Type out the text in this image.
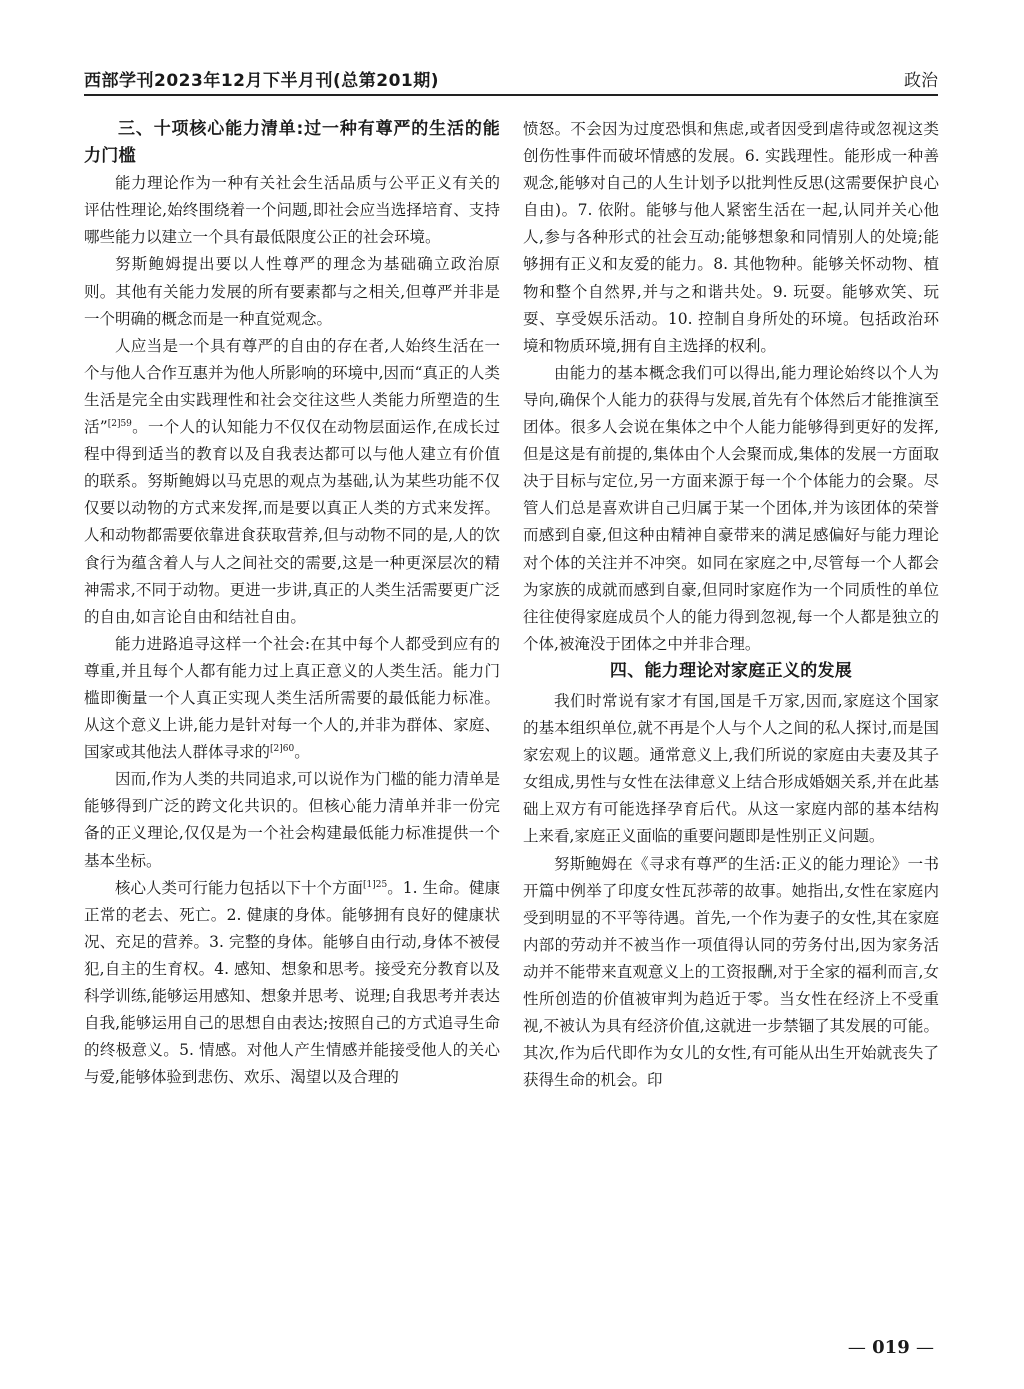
西部学刊2023年12月下半月刊(总第201期)	政治
三、十项核心能力清单:过一种有尊严的生活的能力门槛

能力理论作为一种有关社会生活品质与公平正义有关的评估性理论,始终围绕着一个问题,即社会应当选择培育、支持哪些能力以建立一个具有最低限度公正的社会环境。

努斯鲍姆提出要以人性尊严的理念为基础确立政治原则。其他有关能力发展的所有要素都与之相关,但尊严并非是一个明确的概念而是一种直觉观念。

人应当是一个具有尊严的自由的存在者,人始终生活在一个与他人合作互惠并为他人所影响的环境中,因而“真正的人类生活是完全由实践理性和社会交往这些人类能力所塑造的生活”$^{[2]59}$。一个人的认知能力不仅仅在动物层面运作,在成长过程中得到适当的教育以及自我表达都可以与他人建立有价值的联系。努斯鲍姆以马克思的观点为基础,认为某些功能不仅仅要以动物的方式来发挥,而是要以真正人类的方式来发挥。人和动物都需要依靠进食获取营养,但与动物不同的是,人的饮食行为蕴含着人与人之间社交的需要,这是一种更深层次的精神需求,不同于动物。更进一步讲,真正的人类生活需要更广泛的自由,如言论自由和结社自由。

能力进路追寻这样一个社会:在其中每个人都受到应有的尊重,并且每个人都有能力过上真正意义的人类生活。能力门槛即衡量一个人真正实现人类生活所需要的最低能力标准。从这个意义上讲,能力是针对每一个人的,并非为群体、家庭、国家或其他法人群体寻求的$^{[2]60}$。

因而,作为人类的共同追求,可以说作为门槛的能力清单是能够得到广泛的跨文化共识的。但核心能力清单并非一份完备的正义理论,仅仅是为一个社会构建最低能力标准提供一个基本坐标。

核心人类可行能力包括以下十个方面$^{[1]25}$。1. 生命。健康正常的老去、死亡。2. 健康的身体。能够拥有良好的健康状况、充足的营养。3. 完整的身体。能够自由行动,身体不被侵犯,自主的生育权。4. 感知、想象和思考。接受充分教育以及科学训练,能够运用感知、想象并思考、说理;自我思考并表达自我,能够运用自己的思想自由表达;按照自己的方式追寻生命的终极意义。5. 情感。对他人产生情感并能接受他人的关心与爱,能够体验到悲伤、欢乐、渴望以及合理的

愤怒。不会因为过度恐惧和焦虑,或者因受到虐待或忽视这类创伤性事件而破坏情感的发展。6. 实践理性。能形成一种善观念,能够对自己的人生计划予以批判性反思(这需要保护良心自由)。7. 依附。能够与他人紧密生活在一起,认同并关心他人,参与各种形式的社会互动;能够想象和同情别人的处境;能够拥有正义和友爱的能力。8. 其他物种。能够关怀动物、植物和整个自然界,并与之和谐共处。9. 玩耍。能够欢笑、玩耍、享受娱乐活动。10. 控制自身所处的环境。包括政治环境和物质环境,拥有自主选择的权利。

由能力的基本概念我们可以得出,能力理论始终以个人为导向,确保个人能力的获得与发展,首先有个体然后才能推演至团体。很多人会说在集体之中个人能力能够得到更好的发挥,但是这是有前提的,集体由个人会聚而成,集体的发展一方面取决于目标与定位,另一方面来源于每一个个体能力的会聚。尽管人们总是喜欢讲自己归属于某一个团体,并为该团体的荣誉而感到自豪,但这种由精神自豪带来的满足感偏好与能力理论对个体的关注并不冲突。如同在家庭之中,尽管每一个人都会为家族的成就而感到自豪,但同时家庭作为一个同质性的单位往往使得家庭成员个人的能力得到忽视,每一个人都是独立的个体,被淹没于团体之中并非合理。

四、能力理论对家庭正义的发展

我们时常说有家才有国,国是千万家,因而,家庭这个国家的基本组织单位,就不再是个人与个人之间的私人探讨,而是国家宏观上的议题。通常意义上,我们所说的家庭由夫妻及其子女组成,男性与女性在法律意义上结合形成婚姻关系,并在此基础上双方有可能选择孕育后代。从这一家庭内部的基本结构上来看,家庭正义面临的重要问题即是性别正义问题。

努斯鲍姆在《寻求有尊严的生活:正义的能力理论》一书开篇中例举了印度女性瓦莎蒂的故事。她指出,女性在家庭内受到明显的不平等待遇。首先,一个作为妻子的女性,其在家庭内部的劳动并不被当作一项值得认同的劳务付出,因为家务活动并不能带来直观意义上的工资报酬,对于全家的福利而言,女性所创造的价值被审判为趋近于零。当女性在经济上不受重视,不被认为具有经济价值,这就进一步禁锢了其发展的可能。其次,作为后代即作为女儿的女性,有可能从出生开始就丧失了获得生命的机会。印

— 019 —
